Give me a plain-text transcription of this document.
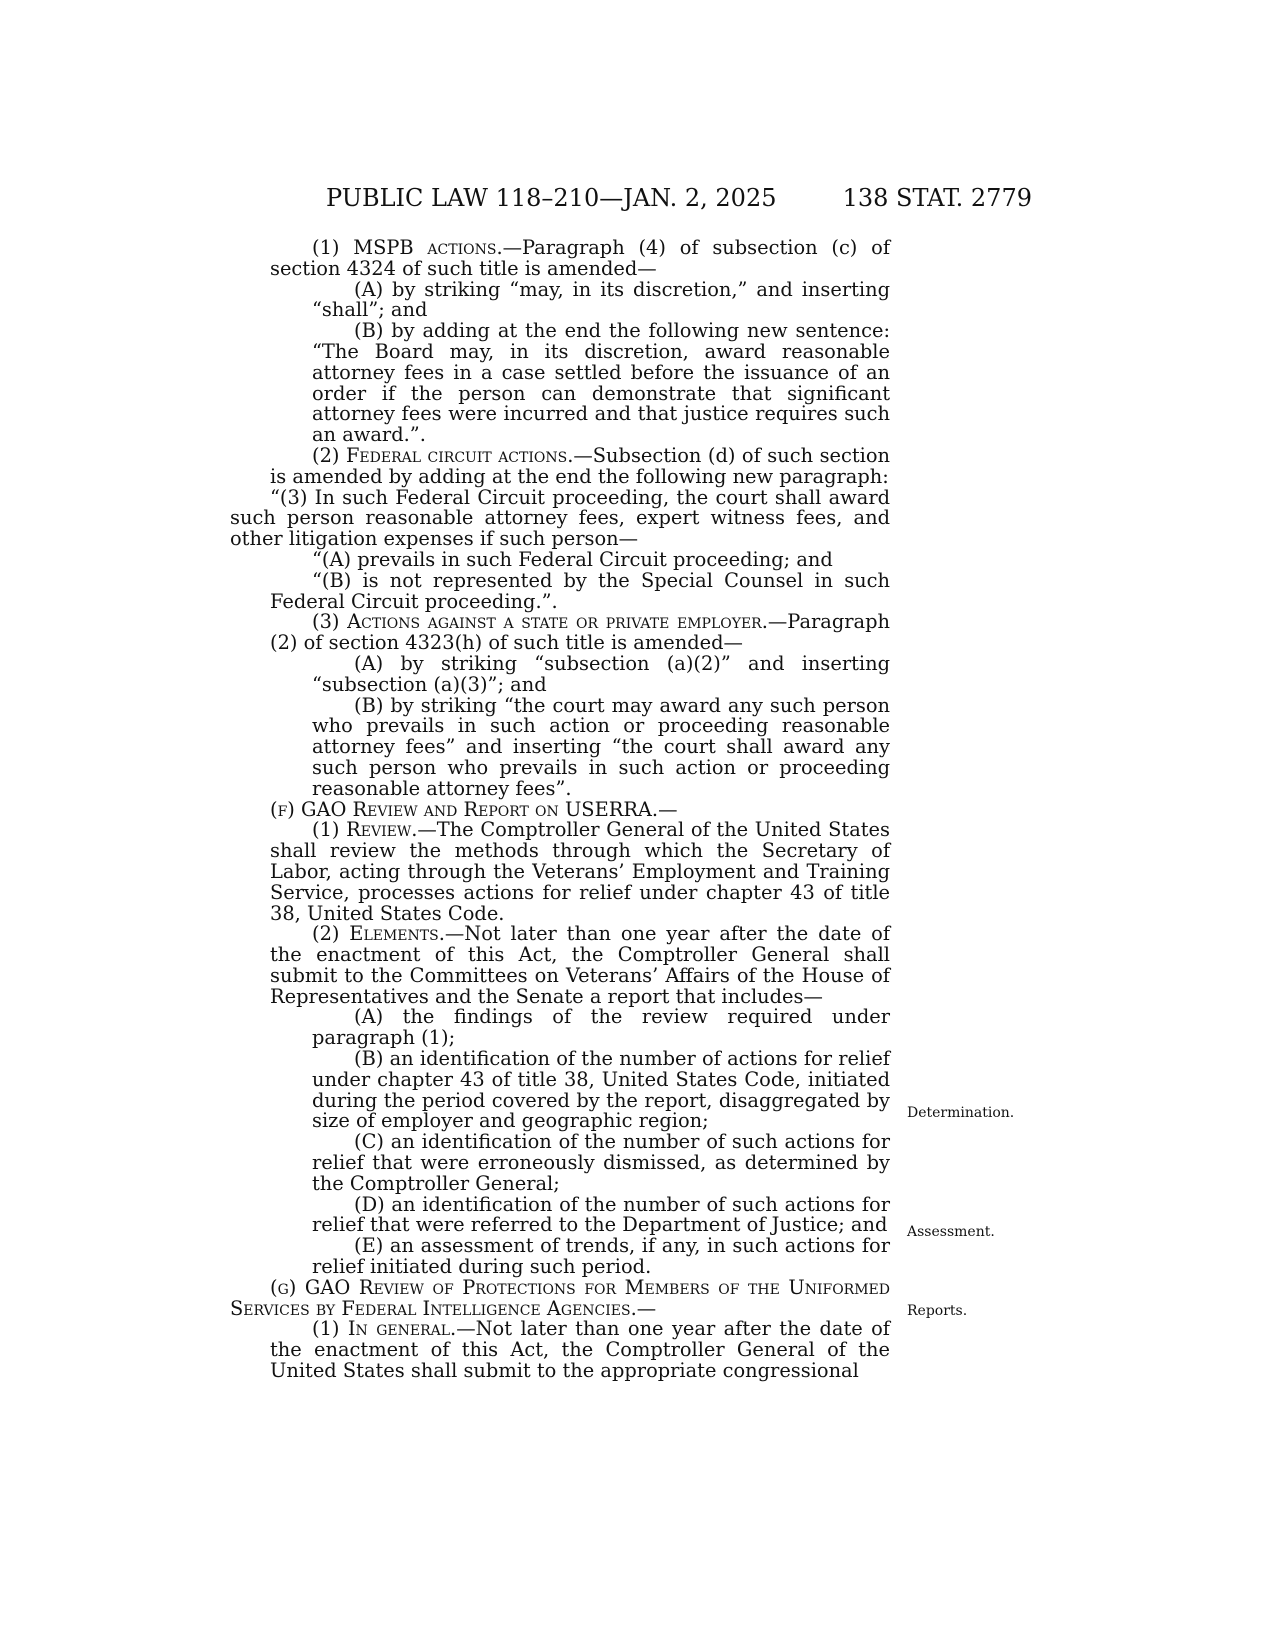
PUBLIC LAW 118–210—JAN. 2, 2025	138 STAT. 2779

(1) MSPB actions.—Paragraph (4) of subsection (c) of section 4324 of such title is amended—

(A) by striking “may, in its discretion,” and inserting “shall”; and

(B) by adding at the end the following new sentence: “The Board may, in its discretion, award reasonable attorney fees in a case settled before the issuance of an order if the person can demonstrate that significant attorney fees were incurred and that justice requires such an award.”.

(2) Federal circuit actions.—Subsection (d) of such section is amended by adding at the end the following new paragraph:

“(3) In such Federal Circuit proceeding, the court shall award such person reasonable attorney fees, expert witness fees, and other litigation expenses if such person—

“(A) prevails in such Federal Circuit proceeding; and

“(B) is not represented by the Special Counsel in such Federal Circuit proceeding.”.

(3) Actions against a state or private employer.—Paragraph (2) of section 4323(h) of such title is amended—

(A) by striking “subsection (a)(2)” and inserting “subsection (a)(3)”; and

(B) by striking “the court may award any such person who prevails in such action or proceeding reasonable attorney fees” and inserting “the court shall award any such person who prevails in such action or proceeding reasonable attorney fees”.

(f) GAO Review and Report on USERRA.—

(1) Review.—The Comptroller General of the United States shall review the methods through which the Secretary of Labor, acting through the Veterans’ Employment and Training Service, processes actions for relief under chapter 43 of title 38, United States Code.

(2) Elements.—Not later than one year after the date of the enactment of this Act, the Comptroller General shall submit to the Committees on Veterans’ Affairs of the House of Representatives and the Senate a report that includes—

(A) the findings of the review required under paragraph (1);

(B) an identification of the number of actions for relief under chapter 43 of title 38, United States Code, initiated during the period covered by the report, disaggregated by size of employer and geographic region;

(C) an identification of the number of such actions for relief that were erroneously dismissed, as determined by the Comptroller General;

(D) an identification of the number of such actions for relief that were referred to the Department of Justice; and

(E) an assessment of trends, if any, in such actions for relief initiated during such period.

(g) GAO Review of Protections for Members of the Uniformed Services by Federal Intelligence Agencies.—

(1) In general.—Not later than one year after the date of the enactment of this Act, the Comptroller General of the United States shall submit to the appropriate congressional

Determination.
Assessment.
Reports.
